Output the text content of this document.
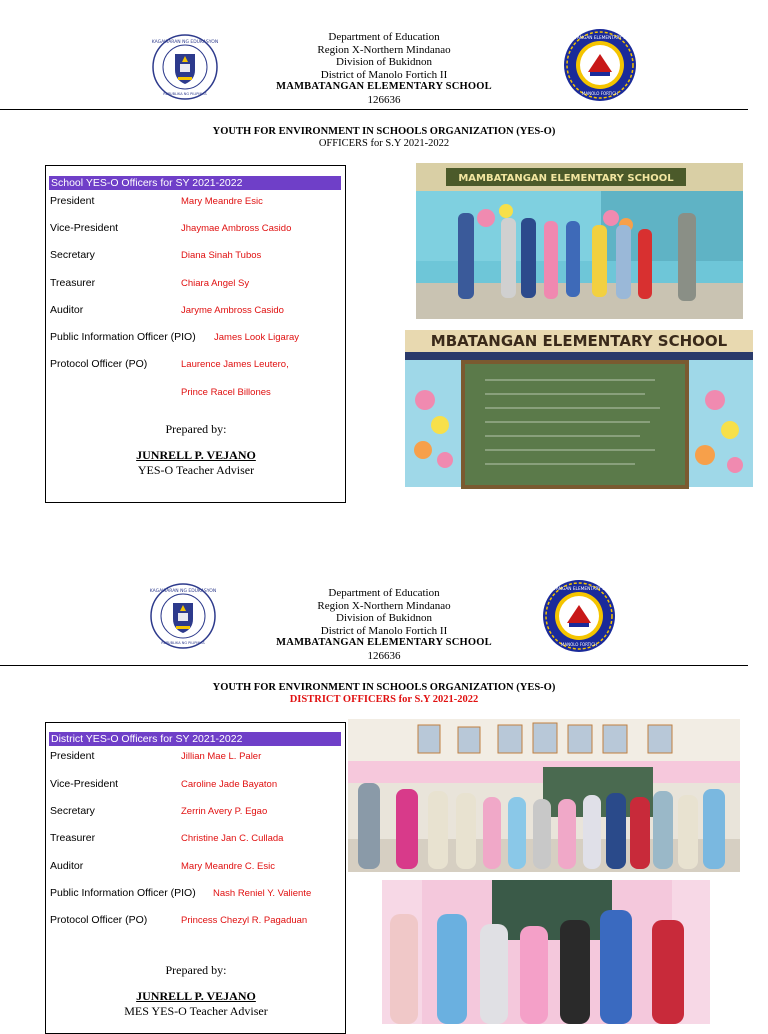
KAGAWARAN NG EDUKASYON
REPUBLIKA NG PILIPINAS
Department of Education
Region X-Northern Mindanao
Division of Bukidnon
District of Manolo Fortich II
MAMBATANGAN ELEMENTARY SCHOOL
126636
MAMBATANGAN ELEMENTARY SCHOOL
MANOLO FORTICH
YOUTH FOR ENVIRONMENT IN SCHOOLS ORGANIZATION (YES-O)
OFFICERS for S.Y 2021-2022
School YES-O Officers for SY 2021-2022
President	Mary Meandre Esic
Vice-President	Jhaymae Ambross Casido
Secretary	Diana Sinah Tubos
Treasurer	Chiara Angel Sy
Auditor	Jaryme Ambross Casido
Public Information Officer (PIO) James Look Ligaray
Protocol Officer (PO)	Laurence James Leutero,
Prince Racel Billones
Prepared by:
JUNRELL P. VEJANO
YES-O Teacher Adviser
MAMBATANGAN ELEMENTARY SCHOOL
MBATANGAN ELEMENTARY SCHOOL
KAGAWARAN NG EDUKASYON
REPUBLIKA NG PILIPINAS
Department of Education
Region X-Northern Mindanao
Division of Bukidnon
District of Manolo Fortich II
MAMBATANGAN ELEMENTARY SCHOOL
126636
MAMBATANGAN ELEMENTARY SCHOOL
MANOLO FORTICH
YOUTH FOR ENVIRONMENT IN SCHOOLS ORGANIZATION (YES-O)
DISTRICT OFFICERS for S.Y 2021-2022
District YES-O Officers for SY 2021-2022
President	Jillian Mae L. Paler
Vice-President	Caroline Jade Bayaton
Secretary	Zerrin Avery P. Egao
Treasurer	Christine Jan C. Cullada
Auditor	Mary Meandre C. Esic
Public Information Officer (PIO) Nash Reniel Y. Valiente
Protocol Officer (PO)	Princess Chezyl R. Pagaduan
Prepared by:
JUNRELL P. VEJANO
MES YES-O Teacher Adviser
